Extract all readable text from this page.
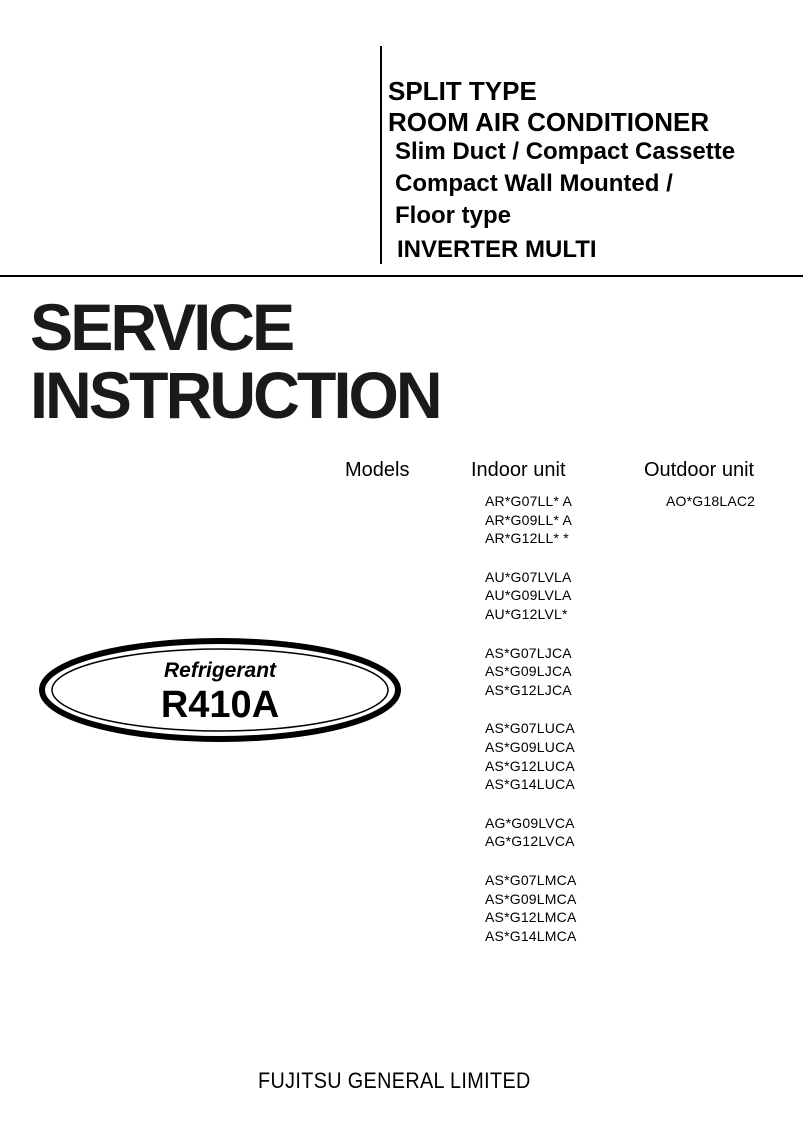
SPLIT TYPE
ROOM AIR CONDITIONER
Slim Duct / Compact Cassette
Compact Wall Mounted /
Floor type
INVERTER MULTI
SERVICE
INSTRUCTION
Models	Indoor unit	Outdoor unit
AR*G07LL* A
AR*G09LL* A
AR*G12LL* *
AU*G07LVLA
AU*G09LVLA
AU*G12LVL*
AS*G07LJCA
AS*G09LJCA
AS*G12LJCA
AS*G07LUCA
AS*G09LUCA
AS*G12LUCA
AS*G14LUCA
AG*G09LVCA
AG*G12LVCA
AS*G07LMCA
AS*G09LMCA
AS*G12LMCA
AS*G14LMCA
AO*G18LAC2
Refrigerant
R410A
FUJITSU GENERAL LIMITED
